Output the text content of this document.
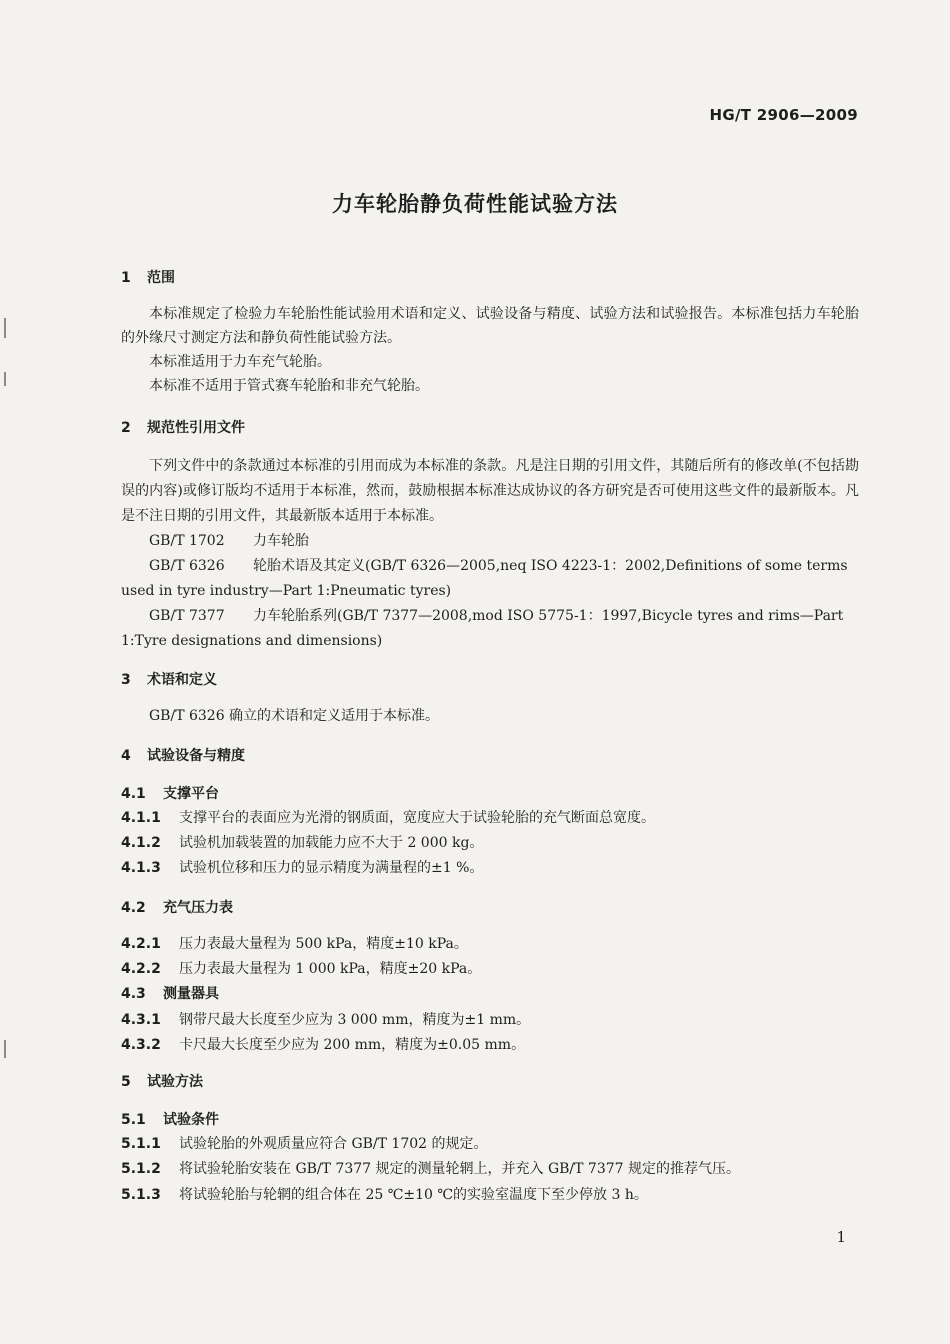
HG/T 2906—2009
力车轮胎静负荷性能试验方法
1 范围

本标准规定了检验力车轮胎性能试验用术语和定义、试验设备与精度、试验方法和试验报告。本标准包括力车轮胎的外缘尺寸测定方法和静负荷性能试验方法。

本标准适用于力车充气轮胎。

本标准不适用于管式赛车轮胎和非充气轮胎。

2 规范性引用文件

下列文件中的条款通过本标准的引用而成为本标准的条款。凡是注日期的引用文件，其随后所有的修改单(不包括勘误的内容)或修订版均不适用于本标准，然而，鼓励根据本标准达成协议的各方研究是否可使用这些文件的最新版本。凡是不注日期的引用文件，其最新版本适用于本标准。

GB/T 1702 力车轮胎

GB/T 6326 轮胎术语及其定义(GB/T 6326—2005,neq ISO 4223-1：2002,Definitions of some terms used in tyre industry—Part 1:Pneumatic tyres)

GB/T 7377 力车轮胎系列(GB/T 7377—2008,mod ISO 5775-1：1997,Bicycle tyres and rims—Part 1:Tyre designations and dimensions)

3 术语和定义

GB/T 6326 确立的术语和定义适用于本标准。

4 试验设备与精度
4.1 支撑平台
4.1.1 支撑平台的表面应为光滑的钢质面，宽度应大于试验轮胎的充气断面总宽度。
4.1.2 试验机加载装置的加载能力应不大于 2 000 kg。
4.1.3 试验机位移和压力的显示精度为满量程的±1 %。
4.2 充气压力表
4.2.1 压力表最大量程为 500 kPa，精度±10 kPa。
4.2.2 压力表最大量程为 1 000 kPa，精度±20 kPa。
4.3 测量器具
4.3.1 钢带尺最大长度至少应为 3 000 mm，精度为±1 mm。
4.3.2 卡尺最大长度至少应为 200 mm，精度为±0.05 mm。
5 试验方法
5.1 试验条件
5.1.1 试验轮胎的外观质量应符合 GB/T 1702 的规定。
5.1.2 将试验轮胎安装在 GB/T 7377 规定的测量轮辋上，并充入 GB/T 7377 规定的推荐气压。
5.1.3 将试验轮胎与轮辋的组合体在 25 ℃±10 ℃的实验室温度下至少停放 3 h。
1
